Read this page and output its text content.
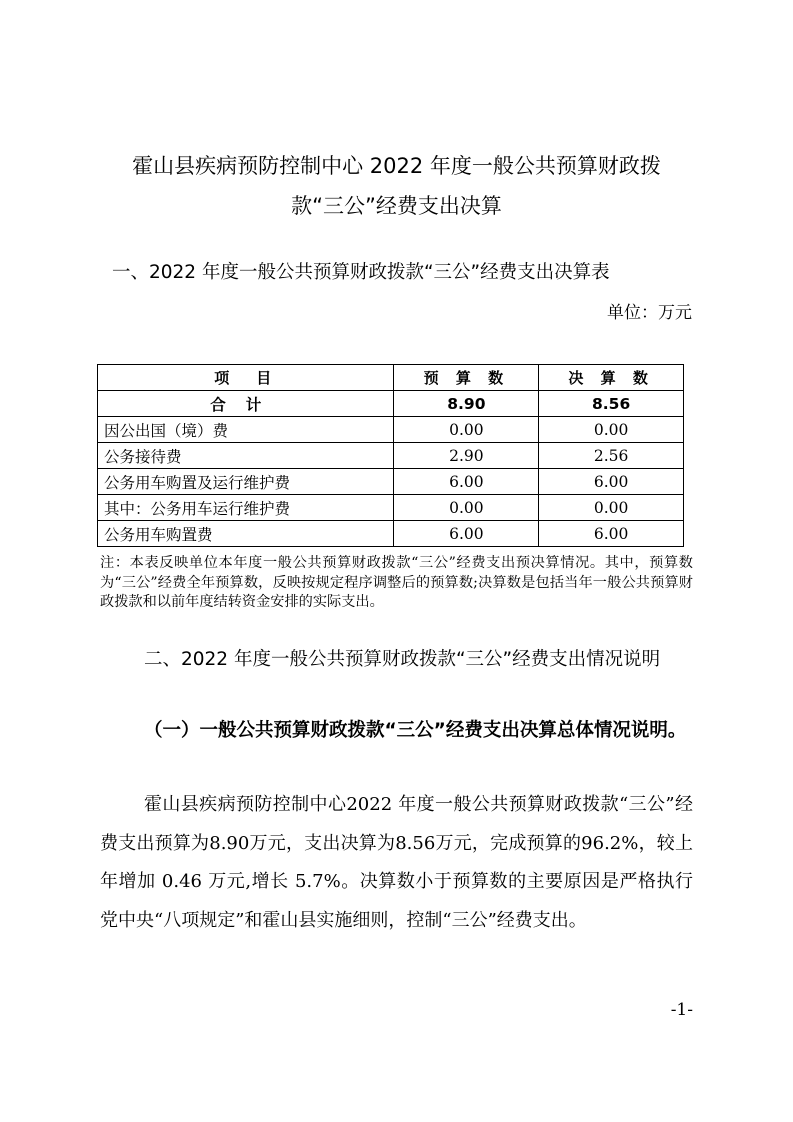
霍山县疾病预防控制中心 2022 年度一般公共预算财政拨
款“三公”经费支出决算
一、2022 年度一般公共预算财政拨款“三公”经费支出决算表
单位：万元
项　目	预 算 数	决 算 数
合计	8.90	8.56
因公出国（境）费	0.00	0.00
公务接待费	2.90	2.56
公务用车购置及运行维护费	6.00	6.00
其中：公务用车运行维护费	0.00	0.00
公务用车购置费	6.00	6.00

注：本表反映单位本年度一般公共预算财政拨款“三公”经费支出预决算情况。其中，预算数为“三公”经费全年预算数，反映按规定程序调整后的预算数;决算数是包括当年一般公共预算财政拨款和以前年度结转资金安排的实际支出。

二、2022 年度一般公共预算财政拨款“三公”经费支出情况说明
（一）一般公共预算财政拨款“三公”经费支出决算总体情况说明。

霍山县疾病预防控制中心2022 年度一般公共预算财政拨款“三公”经费支出预算为8.90万元，支出决算为8.56万元，完成预算的96.2%，较上年增加 0.46 万元,增长 5.7%。决算数小于预算数的主要原因是严格执行党中央“八项规定”和霍山县实施细则，控制“三公”经费支出。

-1-
